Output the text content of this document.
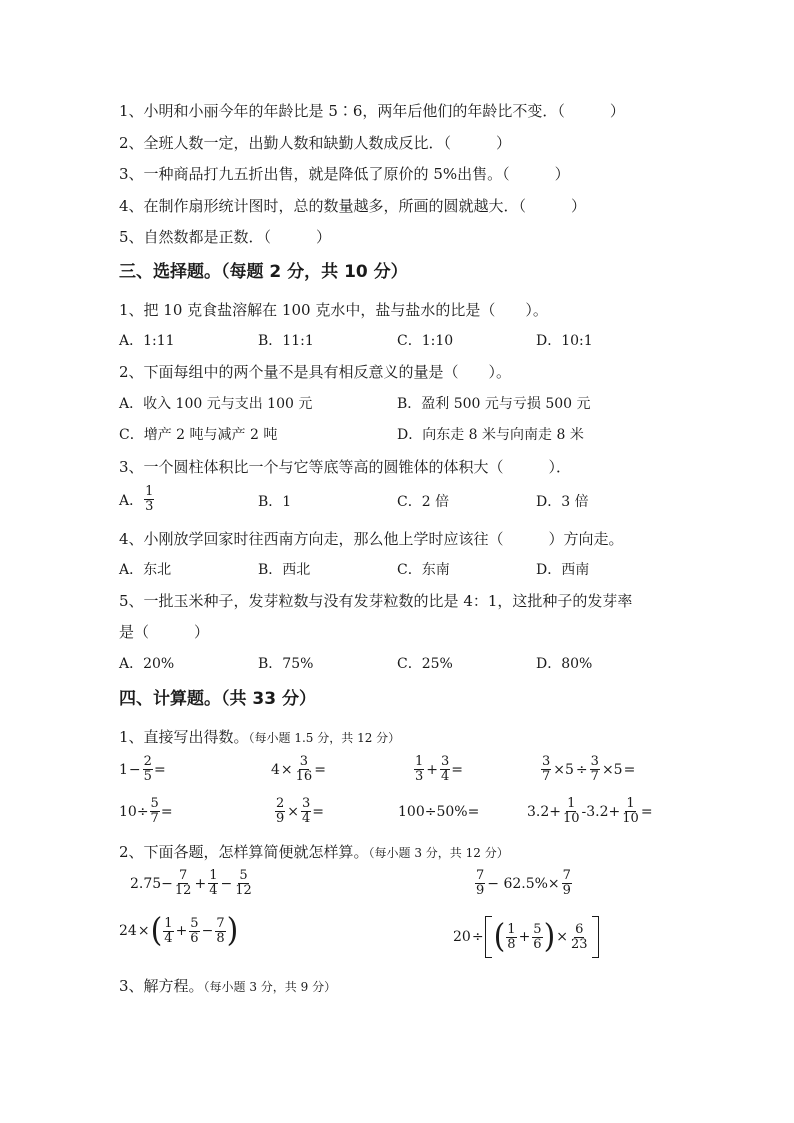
1、小明和小丽今年的年龄比是 5∶6，两年后他们的年龄比不变．（　　　）
2、全班人数一定，出勤人数和缺勤人数成反比．（　　　）
3、一种商品打九五折出售，就是降低了原价的 5%出售。（　　　）
4、在制作扇形统计图时，总的数量越多，所画的圆就越大．（　　　）
5、自然数都是正数．（　　　）
三、选择题。（每题 2 分，共 10 分）
1、把 10 克食盐溶解在 100 克水中，盐与盐水的比是（　　）。
A．1:11	B．11:1	C．1:10	D．10:1
2、下面每组中的两个量不是具有相反意义的量是（　　）。
A．收入 100 元与支出 100 元	B．盈利 500 元与亏损 500 元
C．增产 2 吨与减产 2 吨	D．向东走 8 米与向南走 8 米
3、一个圆柱体积比一个与它等底等高的圆锥体的体积大（　　　）．
A． $\frac{1}{3}$	B．1	C．2 倍	D．3 倍
4、小刚放学回家时往西南方向走，那么他上学时应该往（　　　）方向走。
A．东北	B．西北	C．东南	D．西南
5、一批玉米种子，发芽粒数与没有发芽粒数的比是 4：1，这批种子的发芽率
是（　　　）
A．20%	B．75%	C．25%	D．80%
四、计算题。（共 33 分）
1、直接写出得数。（每小题 1.5 分，共 12 分）
$1 - \frac{2}{5}$ =	$4 \times \frac{3}{16}$ =	$\frac{1}{3} + \frac{3}{4}$ =	$\frac{3}{7} \times 5 \div \frac{3}{7} \times 5$ =
$10\div \frac{5}{7}$ =	$\frac{2}{9} \times \frac{3}{4}$ =	100÷50%=	$3.2+ \frac{1}{10} -3.2+ \frac{1}{10}$ =
2、下面各题，怎样算简便就怎样算。（每小题 3 分，共 12 分）
$2.75- \frac{7}{12} + \frac{1}{4} - \frac{5}{12}$	$\frac{7}{9} - 62.5\%\times \frac{7}{9}$
24 × ( $\frac{1}{4} + \frac{5}{6} - \frac{7}{8}$ )	20 ÷ ( $\frac{1}{8} + \frac{5}{6}$ ) × $\frac{6}{23}$
3、解方程。（每小题 3 分，共 9 分）
